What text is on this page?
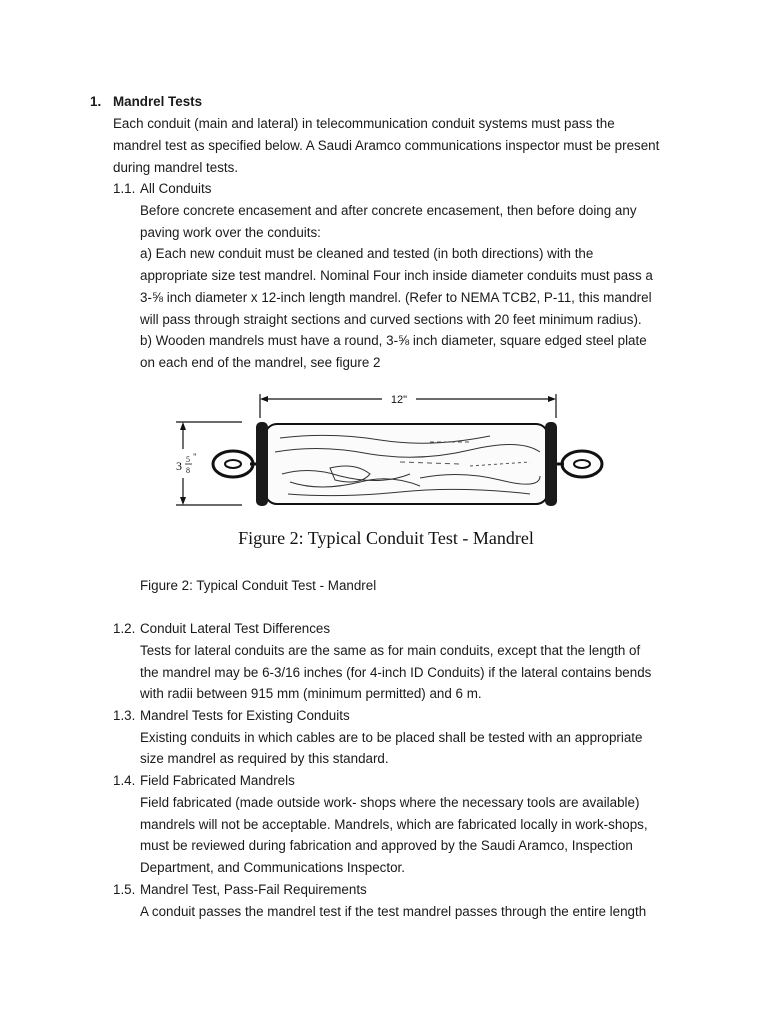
1. Mandrel Tests
Each conduit (main and lateral) in telecommunication conduit systems must pass the
mandrel test as specified below. A Saudi Aramco communications inspector must be present
during mandrel tests.
1.1. All Conduits
Before concrete encasement and after concrete encasement, then before doing any
paving work over the conduits:
a) Each new conduit must be cleaned and tested (in both directions) with the
appropriate size test mandrel. Nominal Four inch inside diameter conduits must pass a
3-⅝ inch diameter x 12-inch length mandrel. (Refer to NEMA TCB2, P-11, this mandrel
will pass through straight sections and curved sections with 20 feet minimum radius).
b) Wooden mandrels must have a round, 3-⅝ inch diameter, square edged steel plate
on each end of the mandrel, see figure 2
12"
3 5
8
"
Figure 2: Typical Conduit Test - Mandrel
Figure 2: Typical Conduit Test - Mandrel
1.2. Conduit Lateral Test Differences
Tests for lateral conduits are the same as for main conduits, except that the length of
the mandrel may be 6-3/16 inches (for 4-inch ID Conduits) if the lateral contains bends
with radii between 915 mm (minimum permitted) and 6 m.
1.3. Mandrel Tests for Existing Conduits
Existing conduits in which cables are to be placed shall be tested with an appropriate
size mandrel as required by this standard.
1.4. Field Fabricated Mandrels
Field fabricated (made outside work- shops where the necessary tools are available)
mandrels will not be acceptable. Mandrels, which are fabricated locally in work-shops,
must be reviewed during fabrication and approved by the Saudi Aramco, Inspection
Department, and Communications Inspector.
1.5. Mandrel Test, Pass-Fail Requirements
A conduit passes the mandrel test if the test mandrel passes through the entire length
